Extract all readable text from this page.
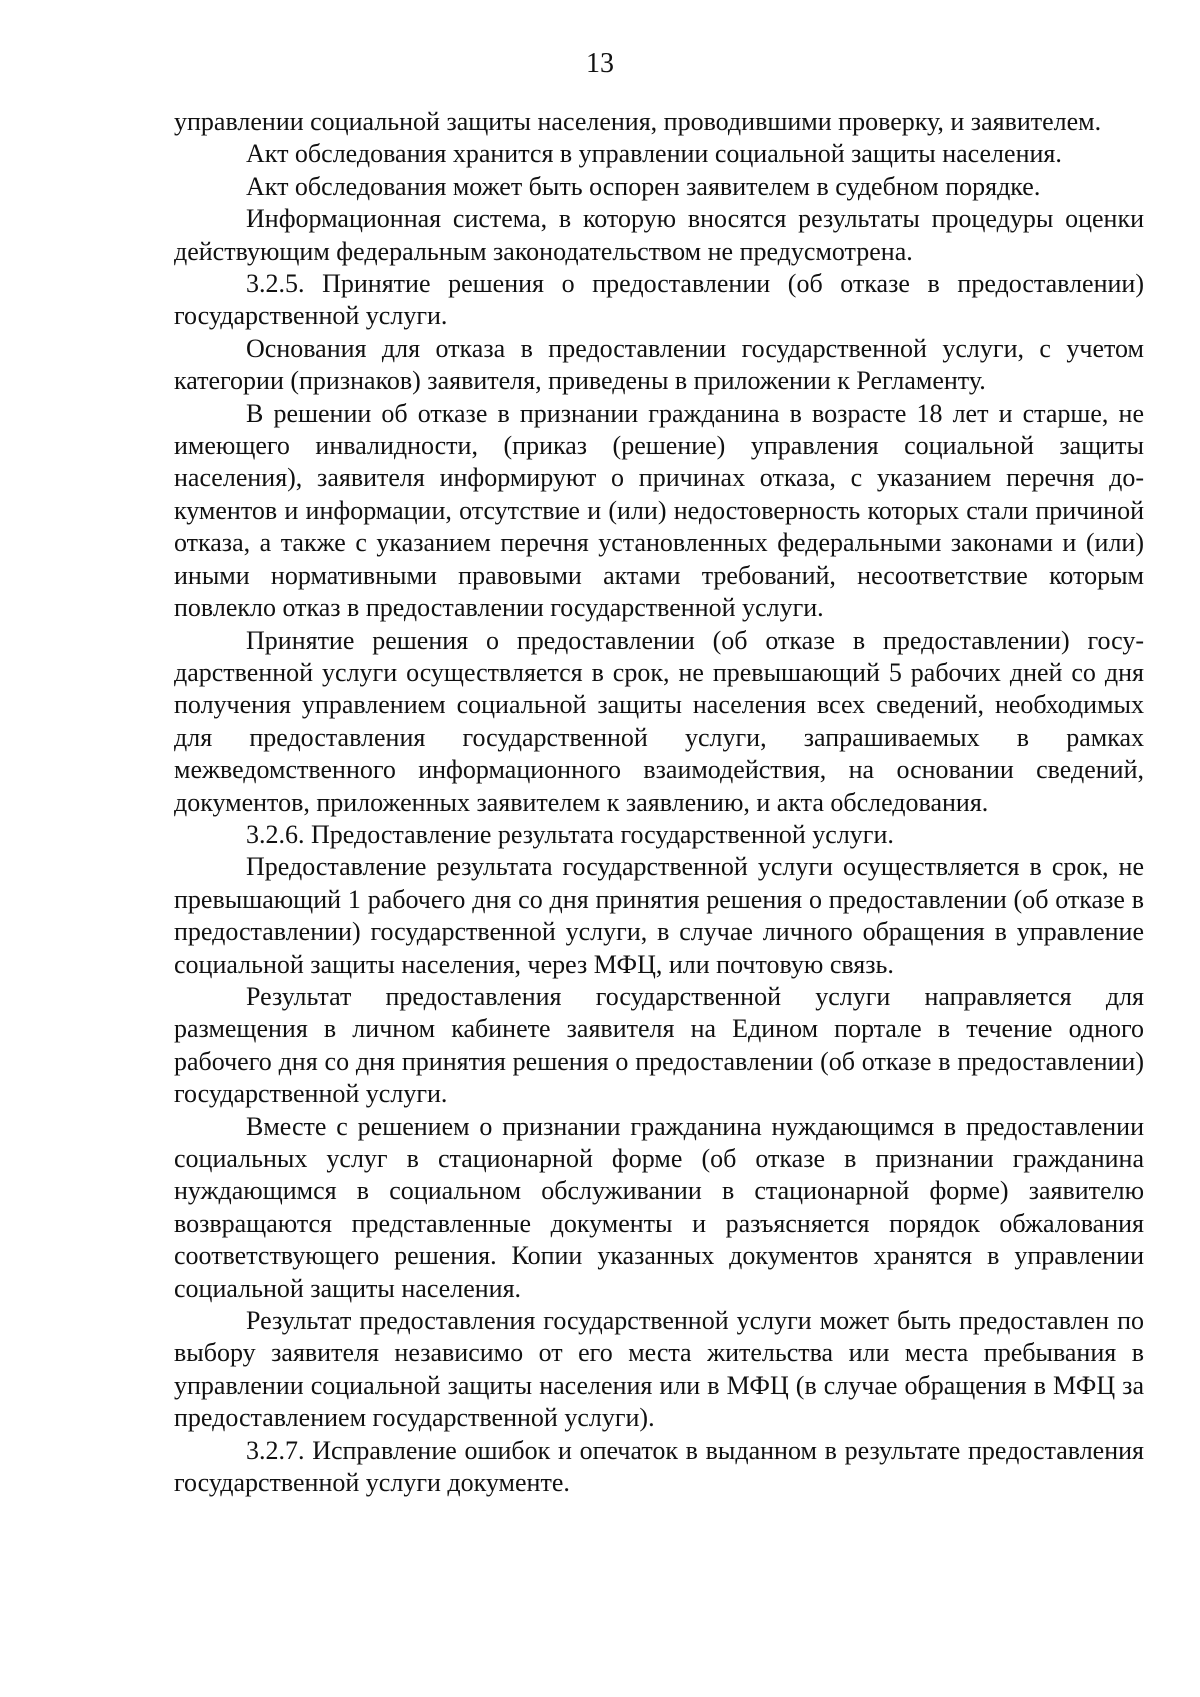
13

управлении социальной защиты населения, проводившими проверку, и заявителем.

Акт обследования хранится в управлении социальной защиты населения.

Акт обследования может быть оспорен заявителем в судебном порядке.

Информационная система, в которую вносятся результаты процедуры оценки действующим федеральным законодательством не предусмотрена.

3.2.5. Принятие решения о предоставлении (об отказе в предоставлении) государственной услуги.

Основания для отказа в предоставлении государственной услуги, с учетом категории (признаков) заявителя, приведены в приложении к Регламенту.

В решении об отказе в признании гражданина в возрасте 18 лет и старше, не имеющего инвалидности, (приказ (решение) управления социальной защиты населения), заявителя информируют о причинах отказа, с указанием перечня документов и информации, отсутствие и (или) недостоверность которых стали причиной отказа, а также с указанием перечня установленных федеральными законами и (или) иными нормативными правовыми актами требований, несоответствие которым повлекло отказ в предоставлении государственной услуги.

Принятие решения о предоставлении (об отказе в предоставлении) государственной услуги осуществляется в срок, не превышающий 5 рабочих дней со дня получения управлением социальной защиты населения всех сведений, необходимых для предоставления государственной услуги, запрашиваемых в рамках межведомственного информационного взаимодействия, на основании сведений, документов, приложенных заявителем к заявлению, и акта обследования.

3.2.6. Предоставление результата государственной услуги.

Предоставление результата государственной услуги осуществляется в срок, не превышающий 1 рабочего дня со дня принятия решения о предоставлении (об отказе в предоставлении) государственной услуги, в случае личного обращения в управление социальной защиты населения, через МФЦ, или почтовую связь.

Результат предоставления государственной услуги направляется для размещения в личном кабинете заявителя на Едином портале в течение одного рабочего дня со дня принятия решения о предоставлении (об отказе в предоставлении) государственной услуги.

Вместе с решением о признании гражданина нуждающимся в предоставлении социальных услуг в стационарной форме (об отказе в признании гражданина нуждающимся в социальном обслуживании в стационарной форме) заявителю возвращаются представленные документы и разъясняется порядок обжалования соответствующего решения. Копии указанных документов хранятся в управлении социальной защиты населения.

Результат предоставления государственной услуги может быть предоставлен по выбору заявителя независимо от его места жительства или места пребывания в управлении социальной защиты населения или в МФЦ (в случае обращения в МФЦ за предоставлением государственной услуги).

3.2.7. Исправление ошибок и опечаток в выданном в результате предоставления государственной услуги документе.
